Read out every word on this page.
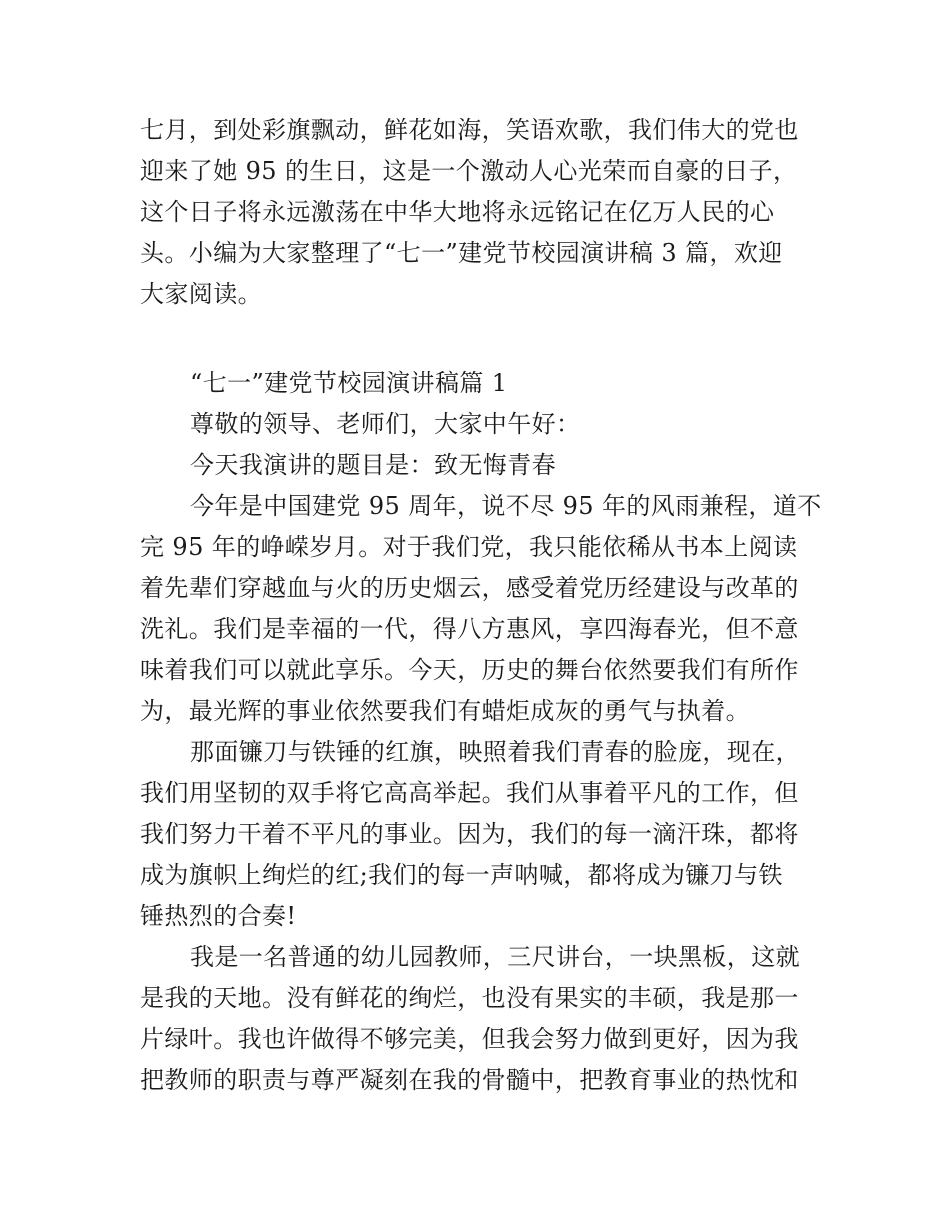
七月，到处彩旗飘动，鲜花如海，笑语欢歌，我们伟大的党也

迎来了她 95 的生日，这是一个激动人心光荣而自豪的日子，

这个日子将永远激荡在中华大地将永远铭记在亿万人民的心

头。小编为大家整理了“七一”建党节校园演讲稿 3 篇，欢迎

大家阅读。

“七一”建党节校园演讲稿篇 1

尊敬的领导、老师们，大家中午好：

今天我演讲的题目是：致无悔青春

今年是中国建党 95 周年，说不尽 95 年的风雨兼程，道不

完 95 年的峥嵘岁月。对于我们党，我只能依稀从书本上阅读

着先辈们穿越血与火的历史烟云，感受着党历经建设与改革的

洗礼。我们是幸福的一代，得八方惠风，享四海春光，但不意

味着我们可以就此享乐。今天，历史的舞台依然要我们有所作

为，最光辉的事业依然要我们有蜡炬成灰的勇气与执着。

那面镰刀与铁锤的红旗，映照着我们青春的脸庞，现在，

我们用坚韧的双手将它高高举起。我们从事着平凡的工作，但

我们努力干着不平凡的事业。因为，我们的每一滴汗珠，都将

成为旗帜上绚烂的红;我们的每一声呐喊，都将成为镰刀与铁

锤热烈的合奏!

我是一名普通的幼儿园教师，三尺讲台，一块黑板，这就

是我的天地。没有鲜花的绚烂，也没有果实的丰硕，我是那一

片绿叶。我也许做得不够完美，但我会努力做到更好，因为我

把教师的职责与尊严凝刻在我的骨髓中，把教育事业的热忱和
